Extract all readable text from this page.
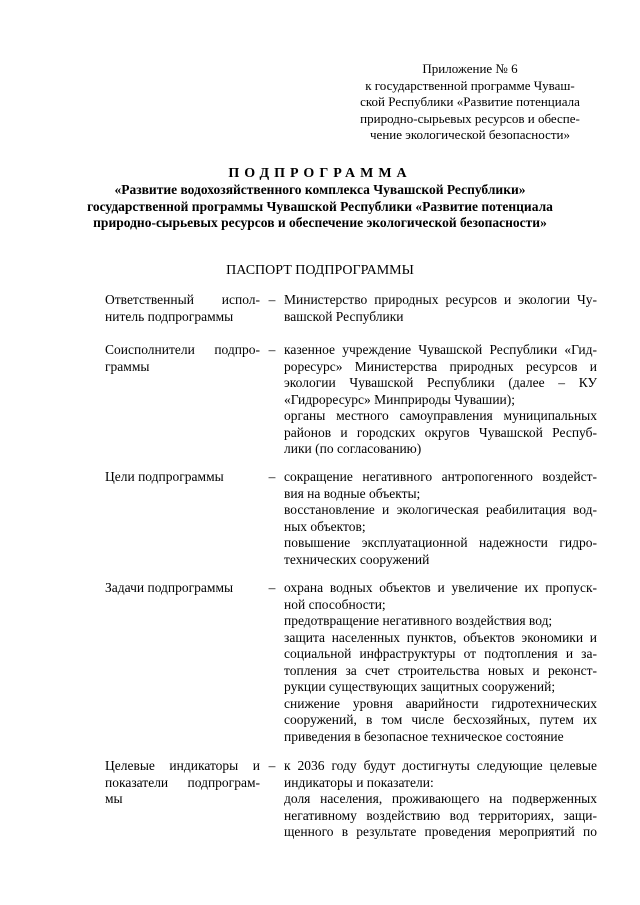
Приложение № 6
к государственной программе Чуваш-
ской Республики «Развитие потенциала
природно-сырьевых ресурсов и обеспе-
чение экологической безопасности»
ПОДПРОГРАММА
«Развитие водохозяйственного комплекса Чувашской Республики»
государственной программы Чувашской Республики «Развитие потенциала
природно-сырьевых ресурсов и обеспечение экологической безопасности»
ПАСПОРТ ПОДПРОГРАММЫ

Ответственный испол-

нитель подпрограммы

– Министерство природных ресурсов и экологии Чу-

вашской Республики

Соисполнители подпро-

граммы

– казенное учреждение Чувашской Республики «Гид-

рорecypc» Министерства природных ресурсов и

экологии Чувашской Республики (далее – КУ

«Гидроресурс» Минприроды Чувашии);

органы местного самоуправления муниципальных

районов и городских округов Чувашской Респуб-

лики (по согласованию)

Цели подпрограммы	– сокращение негативного антропогенного воздейст-

вия на водные объекты;

восстановление и экологическая реабилитация вод-

ных объектов;

повышение эксплуатационной надежности гидро-

технических сооружений

Задачи подпрограммы	– охрана водных объектов и увеличение их пропуск-

ной способности;

предотвращение негативного воздействия вод;

защита населенных пунктов, объектов экономики и

социальной инфраструктуры от подтопления и за-

топления за счет строительства новых и реконст-

рукции существующих защитных сооружений;

снижение уровня аварийности гидротехнических

сооружений, в том числе бесхозяйных, путем их

приведения в безопасное техническое состояние

Целевые индикаторы и

показатели подпрограм-

мы

– к 2036 году будут достигнуты следующие целевые

индикаторы и показатели:

доля населения, проживающего на подверженных

негативному воздействию вод территориях, защи-

щенного в результате проведения мероприятий по
